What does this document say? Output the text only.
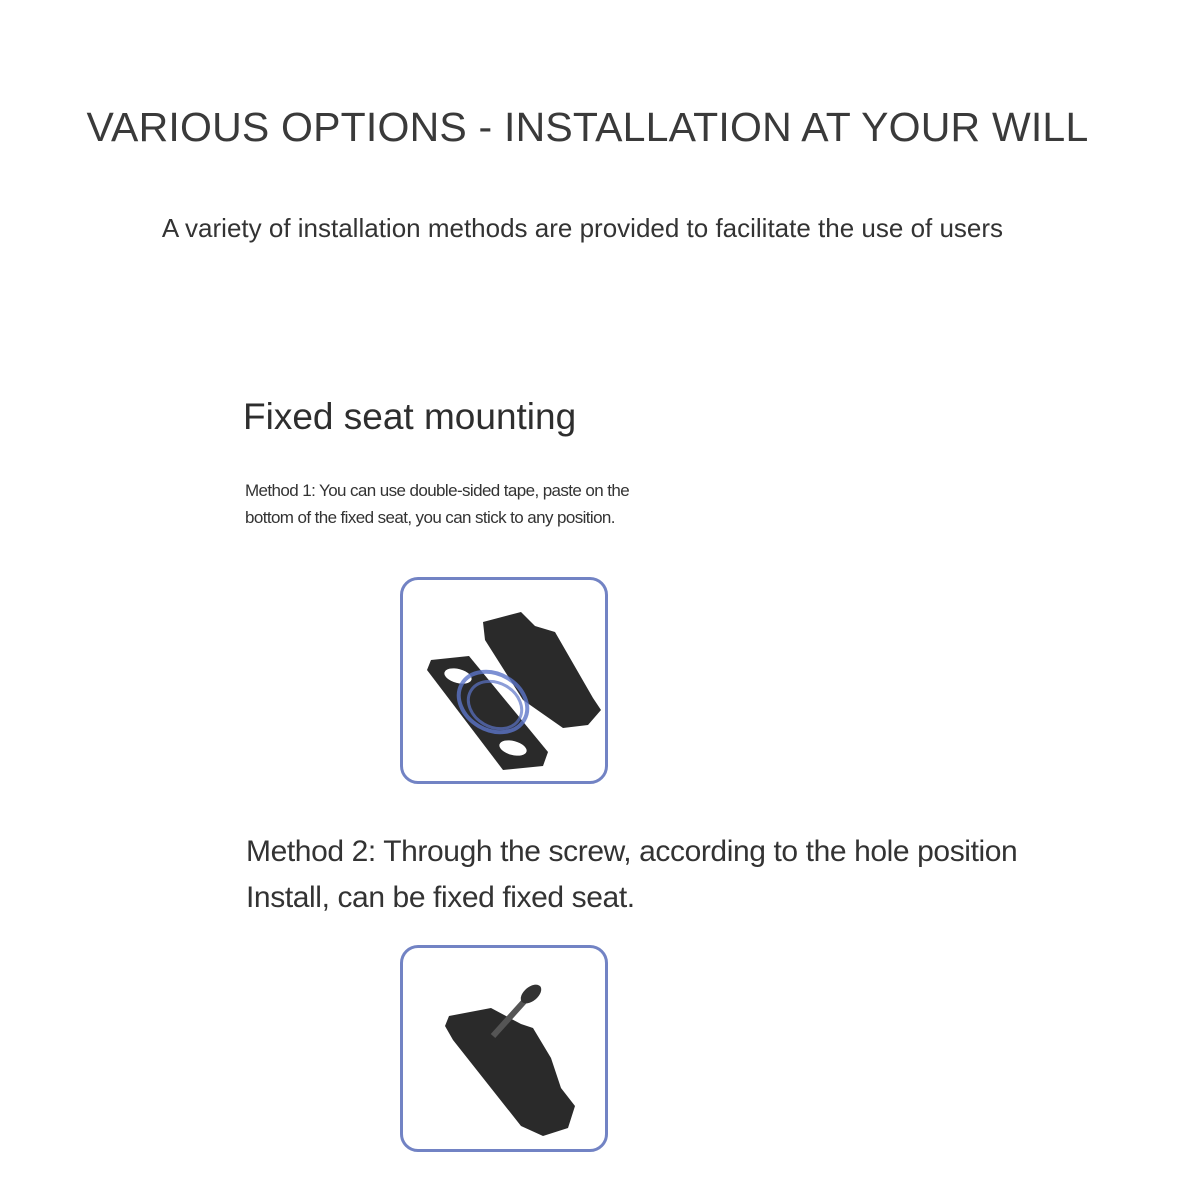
VARIOUS OPTIONS - INSTALLATION AT YOUR WILL
A variety of installation methods are provided to facilitate the use of users
Fixed seat mounting
Method 1: You can use double-sided tape, paste on the
bottom of the fixed seat, you can stick to any position.
Method 2: Through the screw, according to the hole position
Install, can be fixed fixed seat.
